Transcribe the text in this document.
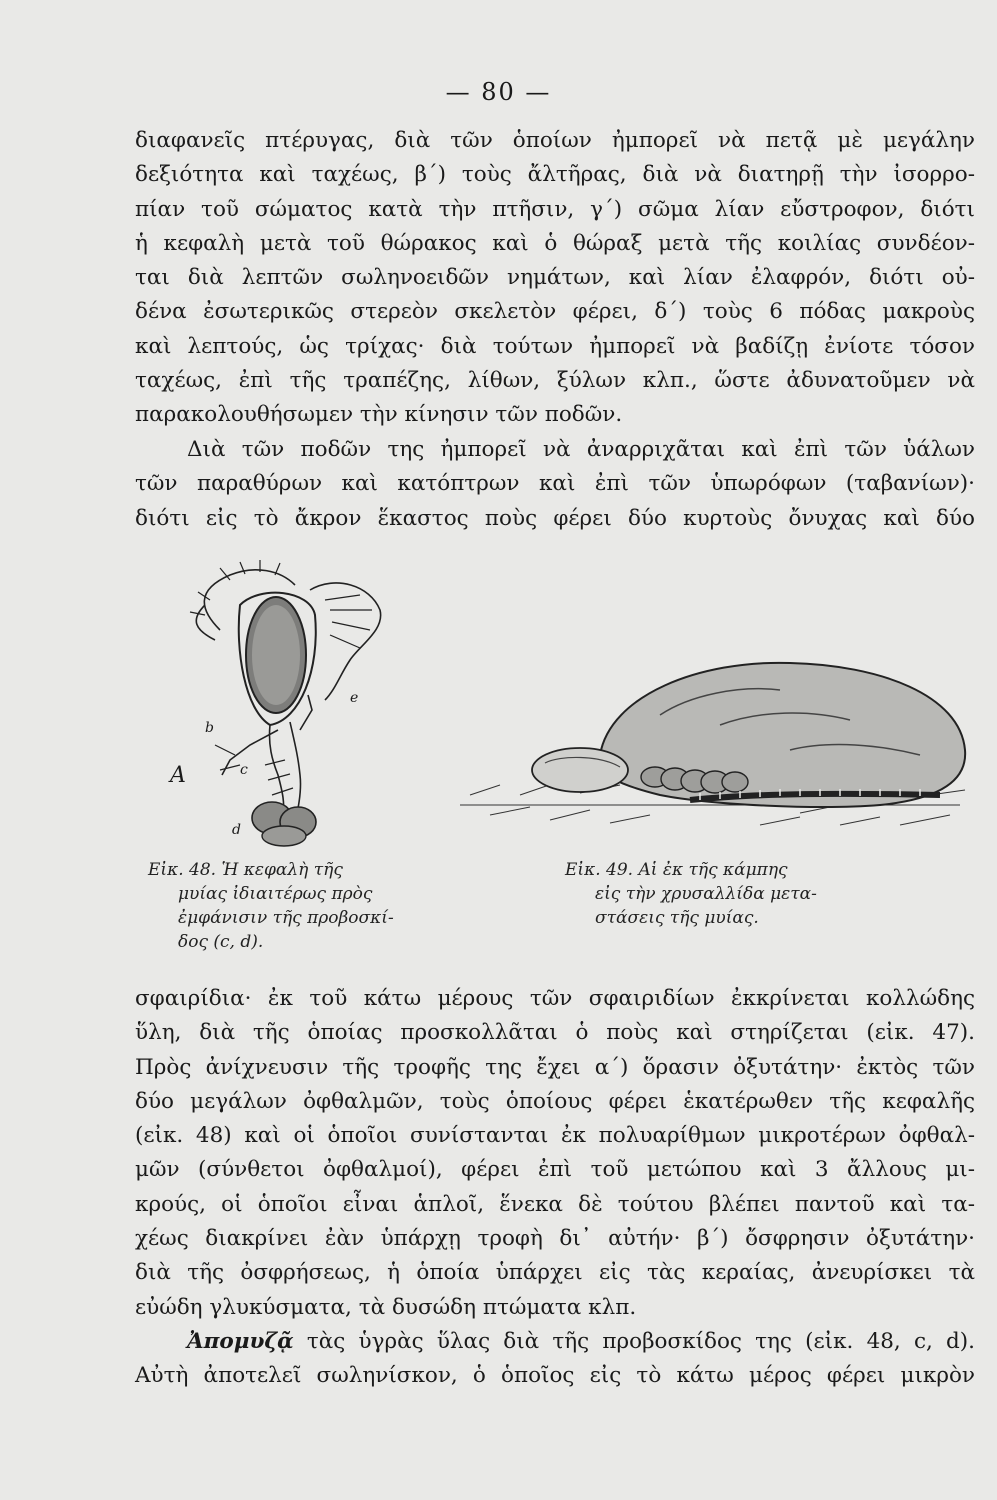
— 80 —

διαφανεῖς πτέρυγας, διὰ τῶν ὁποίων ἠμπορεῖ νὰ πετᾷ μὲ μεγάλην
δεξιότητα καὶ ταχέως, β΄) τοὺς ἄλτῆρας, διὰ νὰ διατηρῇ τὴν ἰσορρο-
πίαν τοῦ σώματος κατὰ τὴν πτῆσιν, γ΄) σῶμα λίαν εὔστροφον, διότι
ἡ κεφαλὴ μετὰ τοῦ θώρακος καὶ ὁ θώραξ μετὰ τῆς κοιλίας συνδέον-
ται διὰ λεπτῶν σωληνοειδῶν νημάτων, καὶ λίαν ἐλαφρόν, διότι οὐ-
δένα ἐσωτερικῶς στερεὸν σκελετὸν φέρει, δ΄) τοὺς 6 πόδας μακροὺς
καὶ λεπτούς, ὡς τρίχας· διὰ τούτων ἠμπορεῖ νὰ βαδίζῃ ἐνίοτε τόσον
ταχέως, ἐπὶ τῆς τραπέζης, λίθων, ξύλων κλπ., ὥστε ἀδυνατοῦμεν νὰ
παρακολουθήσωμεν τὴν κίνησιν τῶν ποδῶν.

Διὰ τῶν ποδῶν της ἠμπορεῖ νὰ ἀναρριχᾶται καὶ ἐπὶ τῶν ὑάλων
τῶν παραθύρων καὶ κατόπτρων καὶ ἐπὶ τῶν ὑπωρόφων (ταβανίων)·
διότι εἰς τὸ ἄκρον ἕκαστος ποὺς φέρει δύο κυρτοὺς ὄνυχας καὶ δύο

A
b
c
d
e
Εἰκ. 48. Ἡ κεφαλὴ τῆς
μυίας ἰδιαιτέρως πρὸς
ἐμφάνισιν τῆς προβοσκί-
δος (c, d).
Εἰκ. 49. Αἱ ἐκ τῆς κάμπης
εἰς τὴν χρυσαλλίδα μετα-
στάσεις τῆς μυίας.

σφαιρίδια· ἐκ τοῦ κάτω μέρους τῶν σφαιριδίων ἐκκρίνεται κολλώδης
ὕλη, διὰ τῆς ὁποίας προσκολλᾶται ὁ ποὺς καὶ στηρίζεται (εἰκ. 47).
Πρὸς ἀνίχνευσιν τῆς τροφῆς της ἔχει α΄) ὅρασιν ὀξυτάτην· ἐκτὸς τῶν
δύο μεγάλων ὀφθαλμῶν, τοὺς ὁποίους φέρει ἑκατέρωθεν τῆς κεφαλῆς
(εἰκ. 48) καὶ οἱ ὁποῖοι συνίστανται ἐκ πολυαρίθμων μικροτέρων ὀφθαλ-
μῶν (σύνθετοι ὀφθαλμοί), φέρει ἐπὶ τοῦ μετώπου καὶ 3 ἄλλους μι-
κρούς, οἱ ὁποῖοι εἶναι ἁπλοῖ, ἕνεκα δὲ τούτου βλέπει παντοῦ καὶ τα-
χέως διακρίνει ἐὰν ὑπάρχῃ τροφὴ δι᾽ αὐτήν· β΄) ὄσφρησιν ὀξυτάτην·
διὰ τῆς ὀσφρήσεως, ἡ ὁποία ὑπάρχει εἰς τὰς κεραίας, ἀνευρίσκει τὰ
εὐώδη γλυκύσματα, τὰ δυσώδη πτώματα κλπ.

Ἀπομυζᾷ τὰς ὑγρὰς ὕλας διὰ τῆς προβοσκίδος της (εἰκ. 48, c, d).
Αὐτὴ ἀποτελεῖ σωληνίσκον, ὁ ὁποῖος εἰς τὸ κάτω μέρος φέρει μικρὸν
